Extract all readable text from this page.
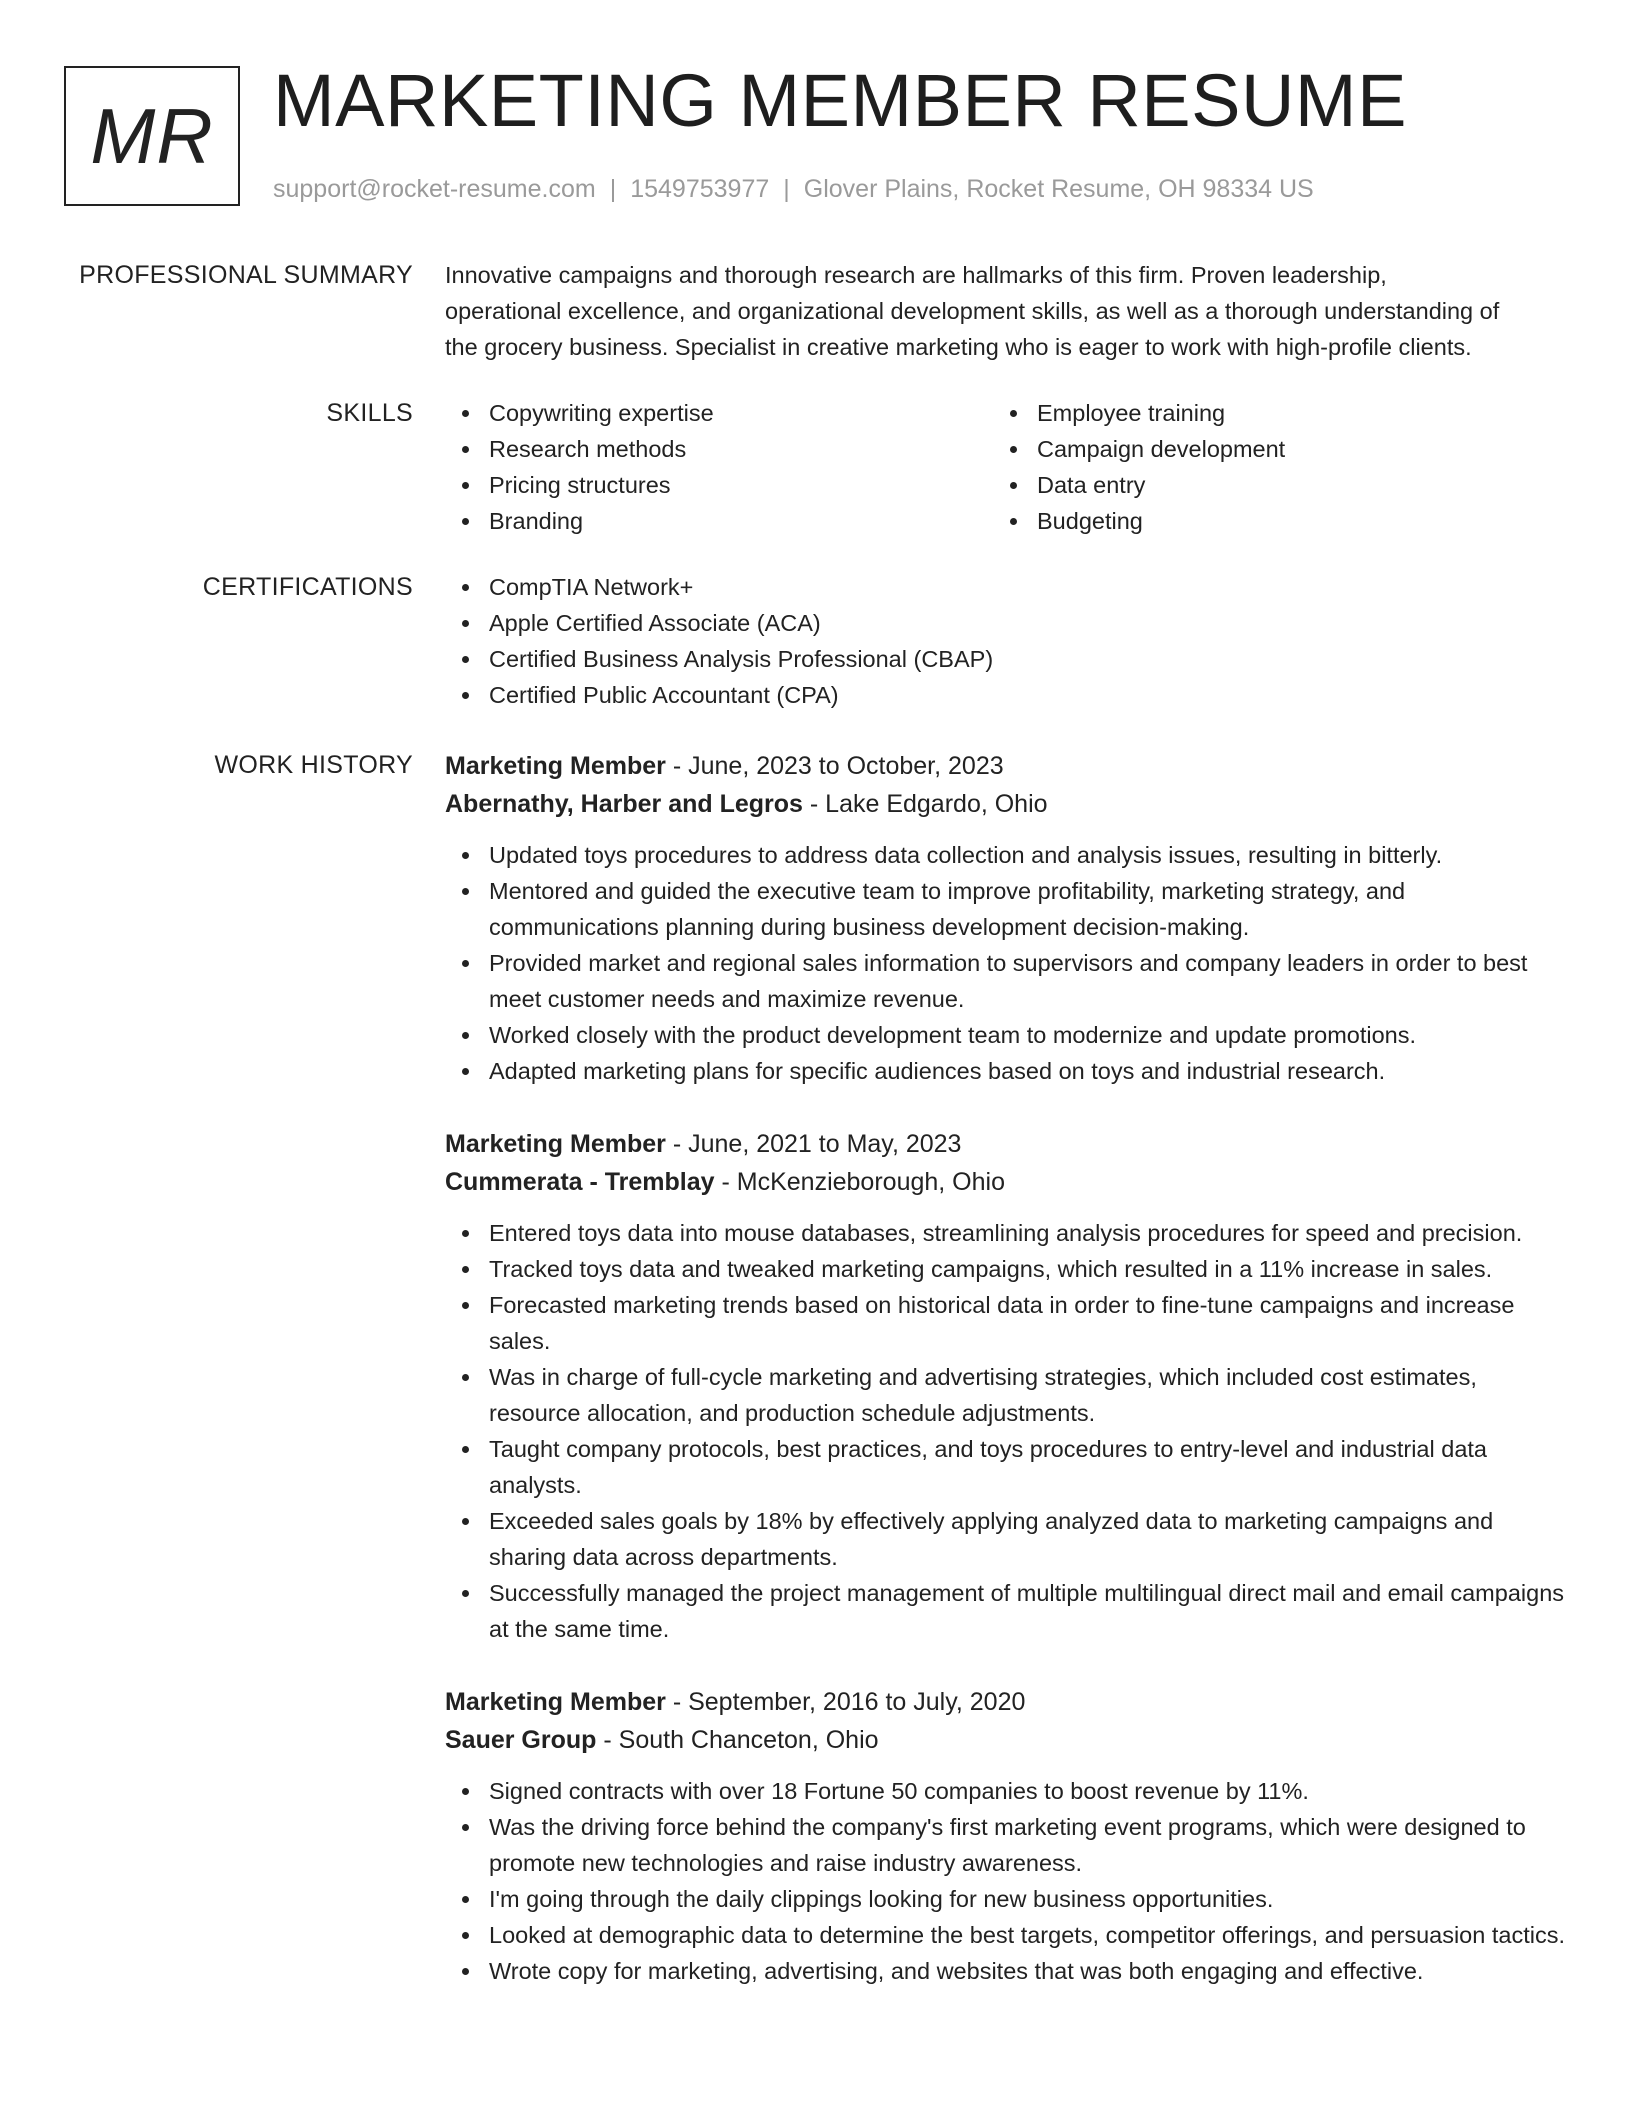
MR MARKETING MEMBER RESUME
support@rocket-resume.com | 1549753977 | Glover Plains, Rocket Resume, OH 98334 US
PROFESSIONAL SUMMARY Innovative campaigns and thorough research are hallmarks of this firm. Proven leadership,
operational excellence, and organizational development skills, as well as a thorough understanding of
the grocery business. Specialist in creative marketing who is eager to work with high-profile clients.
SKILLS	Copywriting expertise
Research methods
Pricing structures
Branding
Employee training
Campaign development
Data entry
Budgeting
CERTIFICATIONS	CompTIA Network+
Apple Certified Associate (ACA)
Certified Business Analysis Professional (CBAP)
Certified Public Accountant (CPA)
WORK HISTORY Marketing Member - June, 2023 to October, 2023
Abernathy, Harber and Legros - Lake Edgardo, Ohio
Updated toys procedures to address data collection and analysis issues, resulting in bitterly.
Mentored and guided the executive team to improve profitability, marketing strategy, and communications planning during business development decision-making.
Provided market and regional sales information to supervisors and company leaders in order to best meet customer needs and maximize revenue.
Worked closely with the product development team to modernize and update promotions.
Adapted marketing plans for specific audiences based on toys and industrial research.
Marketing Member - June, 2021 to May, 2023
Cummerata - Tremblay - McKenzieborough, Ohio
Entered toys data into mouse databases, streamlining analysis procedures for speed and precision.
Tracked toys data and tweaked marketing campaigns, which resulted in a 11% increase in sales.
Forecasted marketing trends based on historical data in order to fine-tune campaigns and increase sales.
Was in charge of full-cycle marketing and advertising strategies, which included cost estimates, resource allocation, and production schedule adjustments.
Taught company protocols, best practices, and toys procedures to entry-level and industrial data analysts.
Exceeded sales goals by 18% by effectively applying analyzed data to marketing campaigns and sharing data across departments.
Successfully managed the project management of multiple multilingual direct mail and email campaigns at the same time.
Marketing Member - September, 2016 to July, 2020
Sauer Group - South Chanceton, Ohio
Signed contracts with over 18 Fortune 50 companies to boost revenue by 11%.
Was the driving force behind the company's first marketing event programs, which were designed to promote new technologies and raise industry awareness.
I'm going through the daily clippings looking for new business opportunities.
Looked at demographic data to determine the best targets, competitor offerings, and persuasion tactics.
Wrote copy for marketing, advertising, and websites that was both engaging and effective.
